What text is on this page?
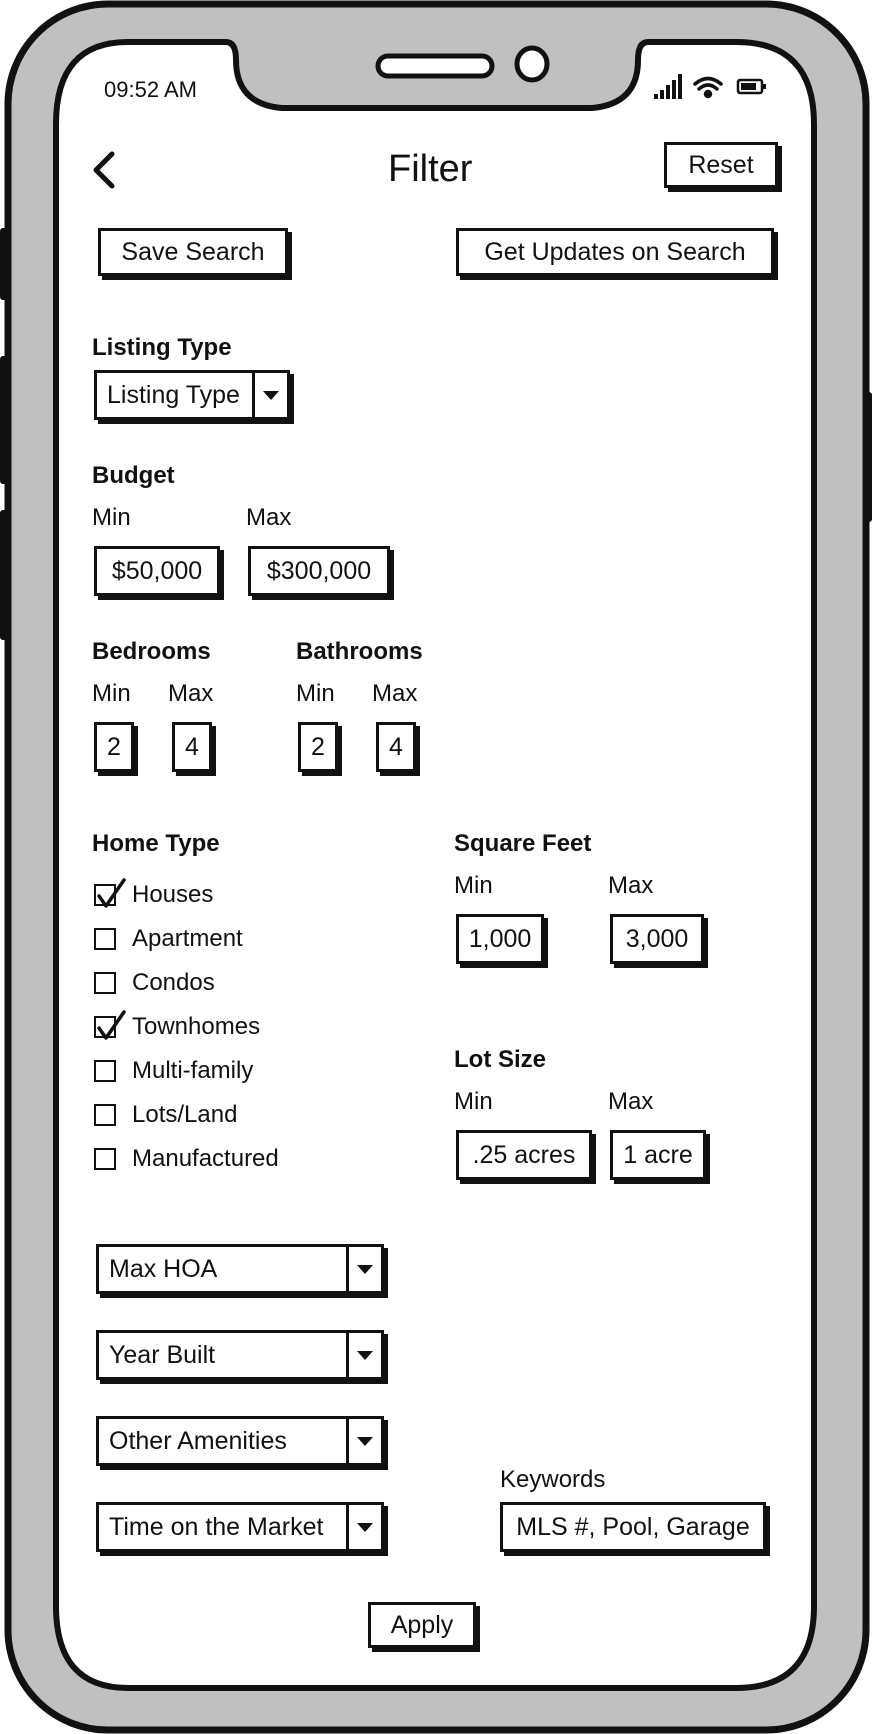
09:52 AM
Filter	Reset
Save Search	Get Updates on Search
Listing Type
Listing Type
Budget
Min	Max
$50,000	$300,000
Bedrooms
Min Max
2	4
Bathrooms
Min Max
2	4
Home Type
Houses
Apartment
Condos
Townhomes
Multi-family
Lots/Land
Manufactured
Square Feet
Min	Max
1,000	3,000
Lot Size
Min	Max
.25 acres	1 acre
Max HOA
Year Built
Other Amenities
Time on the Market
Keywords
MLS #, Pool, Garage
Apply
